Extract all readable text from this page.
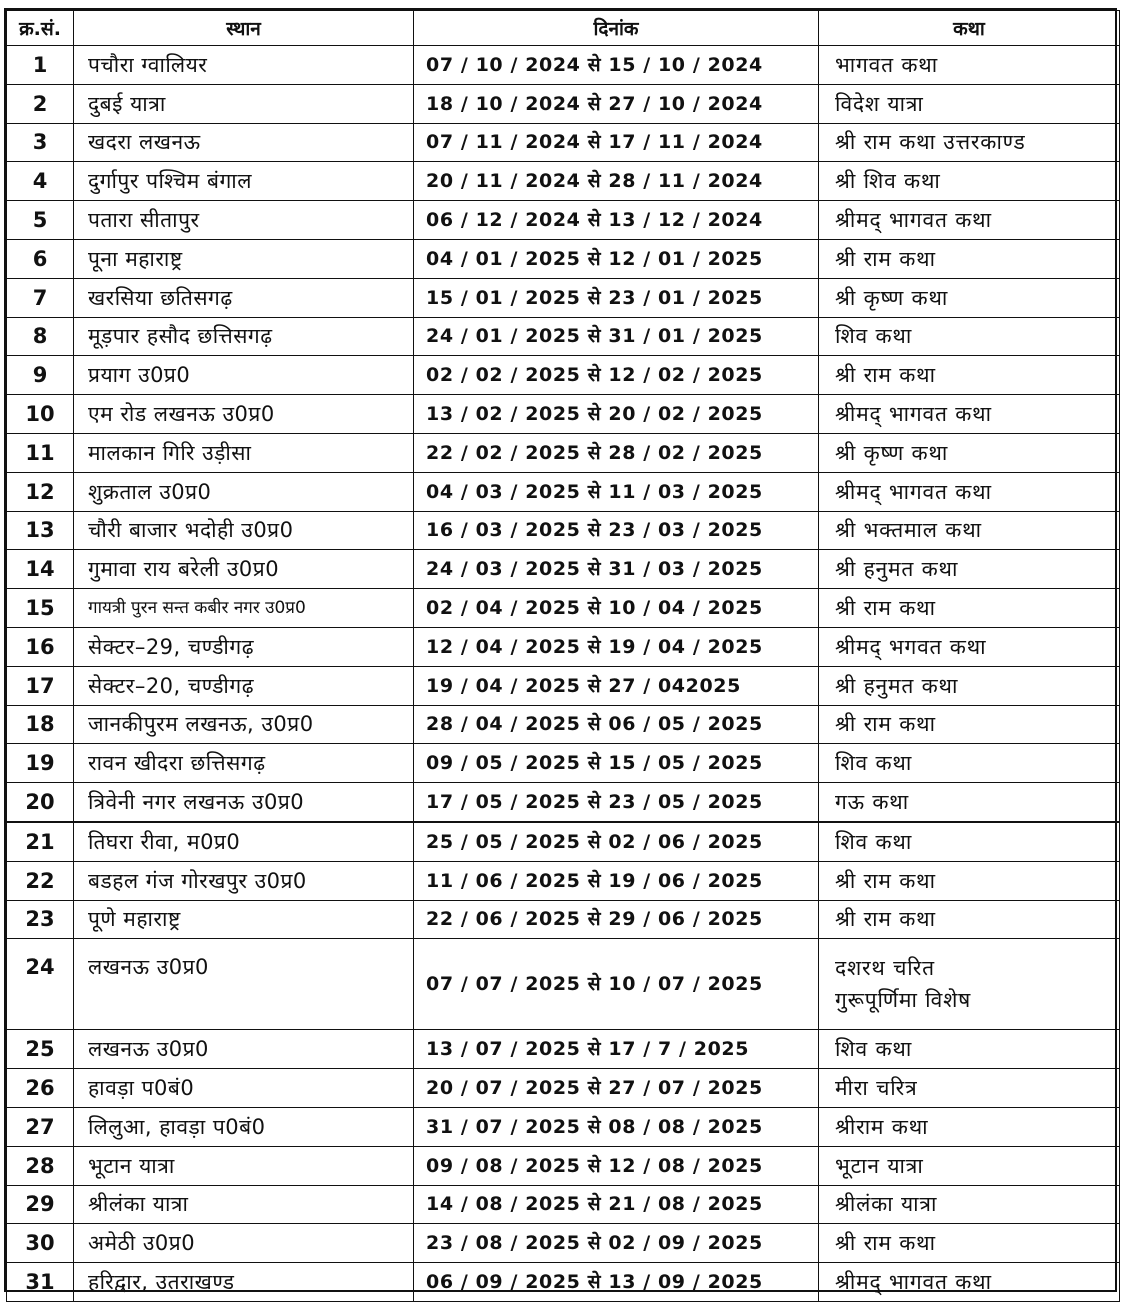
क्र.सं.	स्थान	दिनांक	कथा
1	पचौरा ग्वालियर	07 / 10 / 2024 से 15 / 10 / 2024	भागवत कथा
2	दुबई यात्रा	18 / 10 / 2024 से 27 / 10 / 2024	विदेश यात्रा
3	खदरा लखनऊ	07 / 11 / 2024 से 17 / 11 / 2024	श्री राम कथा उत्तरकाण्ड
4	दुर्गापुर पश्चिम बंगाल	20 / 11 / 2024 से 28 / 11 / 2024	श्री शिव कथा
5	पतारा सीतापुर	06 / 12 / 2024 से 13 / 12 / 2024	श्रीमद् भागवत कथा
6	पूना महाराष्ट्र	04 / 01 / 2025 से 12 / 01 / 2025	श्री राम कथा
7	खरसिया छतिसगढ़	15 / 01 / 2025 से 23 / 01 / 2025	श्री कृष्ण कथा
8	मूड़पार हसौद छत्तिसगढ़	24 / 01 / 2025 से 31 / 01 / 2025	शिव कथा
9	प्रयाग उ0प्र0	02 / 02 / 2025 से 12 / 02 / 2025	श्री राम कथा
10	एम रोड लखनऊ उ0प्र0	13 / 02 / 2025 से 20 / 02 / 2025	श्रीमद् भागवत कथा
11	मालकान गिरि उड़ीसा	22 / 02 / 2025 से 28 / 02 / 2025	श्री कृष्ण कथा
12	शुक्रताल उ0प्र0	04 / 03 / 2025 से 11 / 03 / 2025	श्रीमद् भागवत कथा
13	चौरी बाजार भदोही उ0प्र0	16 / 03 / 2025 से 23 / 03 / 2025	श्री भक्तमाल कथा
14	गुमावा राय बरेली उ0प्र0	24 / 03 / 2025 से 31 / 03 / 2025	श्री हनुमत कथा
15	गायत्री पुरन सन्त कबीर नगर उ0प्र0	02 / 04 / 2025 से 10 / 04 / 2025	श्री राम कथा
16	सेक्टर–29, चण्डीगढ़	12 / 04 / 2025 से 19 / 04 / 2025	श्रीमद् भगवत कथा
17	सेक्टर–20, चण्डीगढ़	19 / 04 / 2025 से 27 / 042025	श्री हनुमत कथा
18	जानकीपुरम लखनऊ, उ0प्र0	28 / 04 / 2025 से 06 / 05 / 2025	श्री राम कथा
19	रावन खीदरा छत्तिसगढ़	09 / 05 / 2025 से 15 / 05 / 2025	शिव कथा
20	त्रिवेनी नगर लखनऊ उ0प्र0	17 / 05 / 2025 से 23 / 05 / 2025	गऊ कथा
21	तिघरा रीवा, म0प्र0	25 / 05 / 2025 से 02 / 06 / 2025	शिव कथा
22	बडहल गंज गोरखपुर उ0प्र0	11 / 06 / 2025 से 19 / 06 / 2025	श्री राम कथा
23	पूणे महाराष्ट्र	22 / 06 / 2025 से 29 / 06 / 2025	श्री राम कथा
24	लखनऊ उ0प्र0	07 / 07 / 2025 से 10 / 07 / 2025	दशरथ चरित
गुरूपूर्णिमा विशेष

25	लखनऊ उ0प्र0	13 / 07 / 2025 से 17 / 7 / 2025	शिव कथा
26	हावड़ा प0बं0	20 / 07 / 2025 से 27 / 07 / 2025	मीरा चरित्र
27	लिलुआ, हावड़ा प0बं0	31 / 07 / 2025 से 08 / 08 / 2025	श्रीराम कथा
28	भूटान यात्रा	09 / 08 / 2025 से 12 / 08 / 2025	भूटान यात्रा
29	श्रीलंका यात्रा	14 / 08 / 2025 से 21 / 08 / 2025	श्रीलंका यात्रा
30	अमेठी उ0प्र0	23 / 08 / 2025 से 02 / 09 / 2025	श्री राम कथा
31	हरिद्वार, उतराखण्ड	06 / 09 / 2025 से 13 / 09 / 2025	श्रीमद् भागवत कथा
